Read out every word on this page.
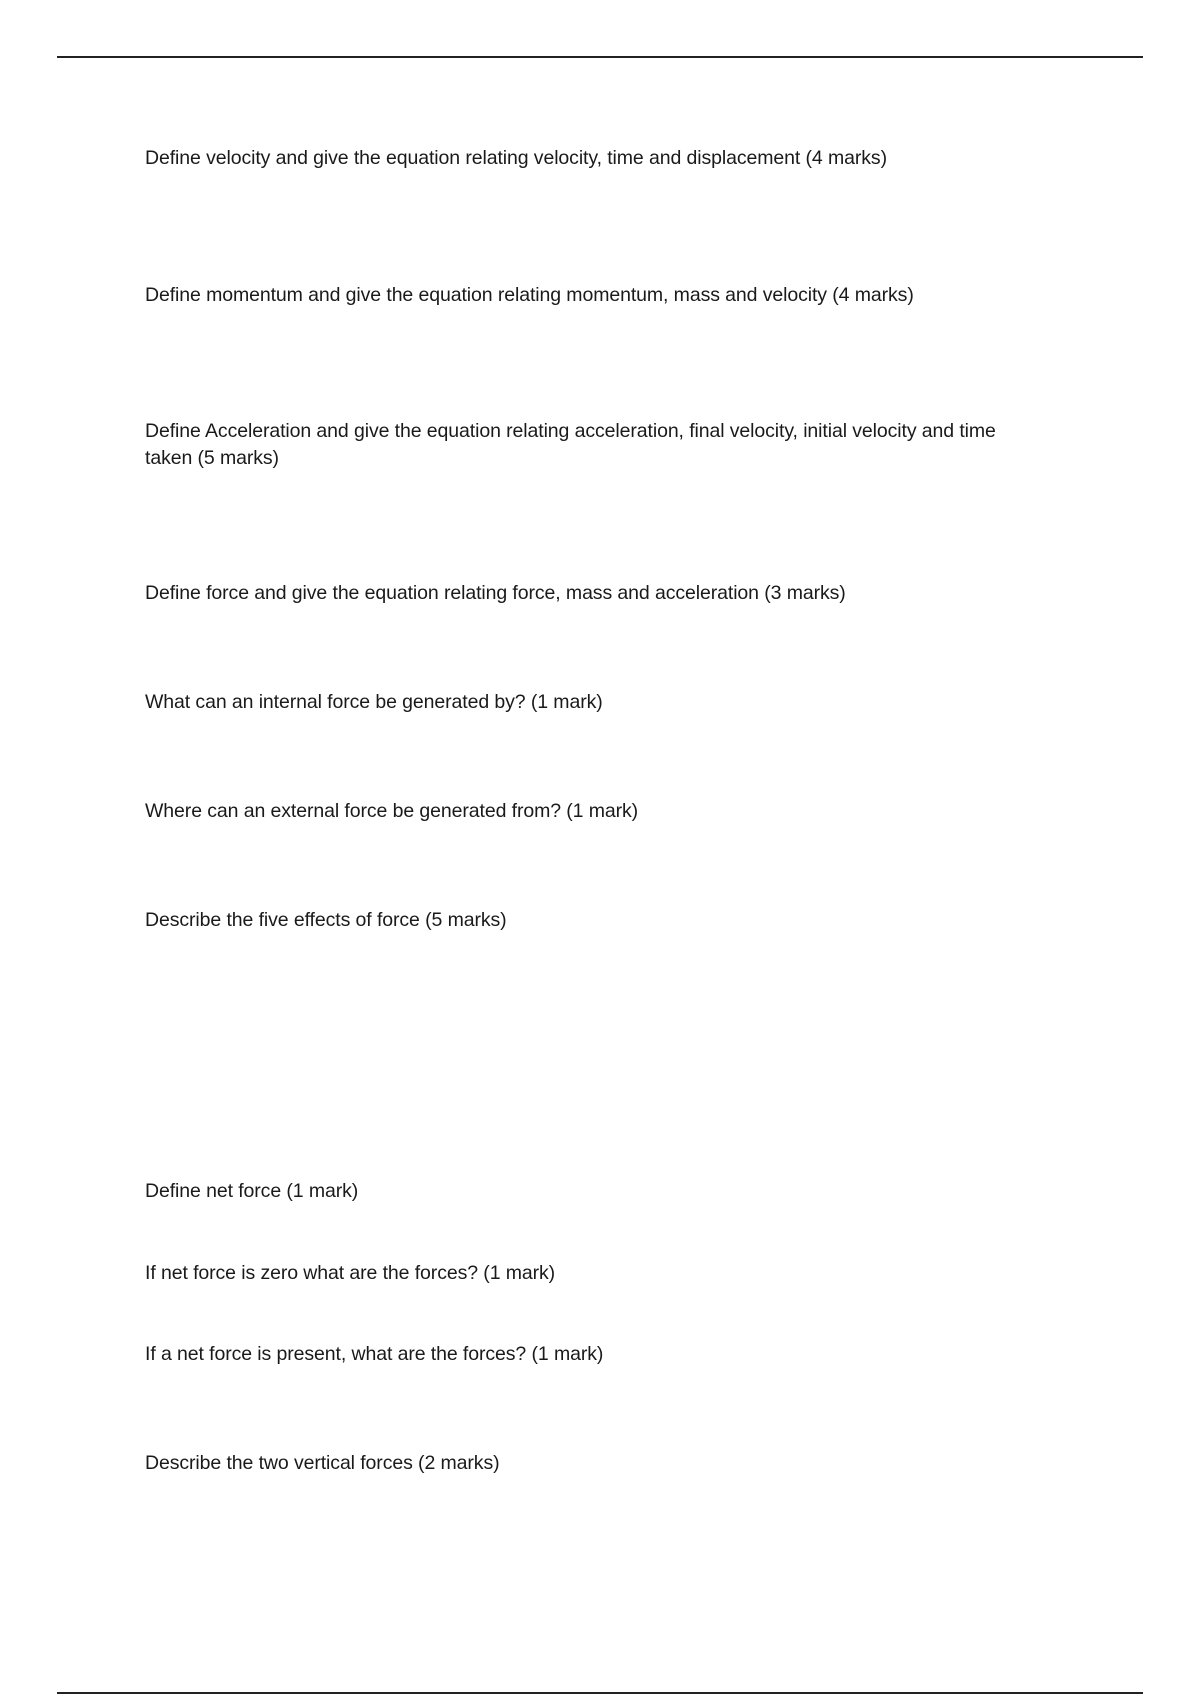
Define velocity and give the equation relating velocity, time and displacement (4 marks)

Define momentum and give the equation relating momentum, mass and velocity (4 marks)

Define Acceleration and give the equation relating acceleration, final velocity, initial velocity and time taken (5 marks)

Define force and give the equation relating force, mass and acceleration (3 marks)

What can an internal force be generated by? (1 mark)

Where can an external force be generated from? (1 mark)

Describe the five effects of force (5 marks)

Define net force (1 mark)

If net force is zero what are the forces? (1 mark)

If a net force is present, what are the forces? (1 mark)

Describe the two vertical forces (2 marks)
